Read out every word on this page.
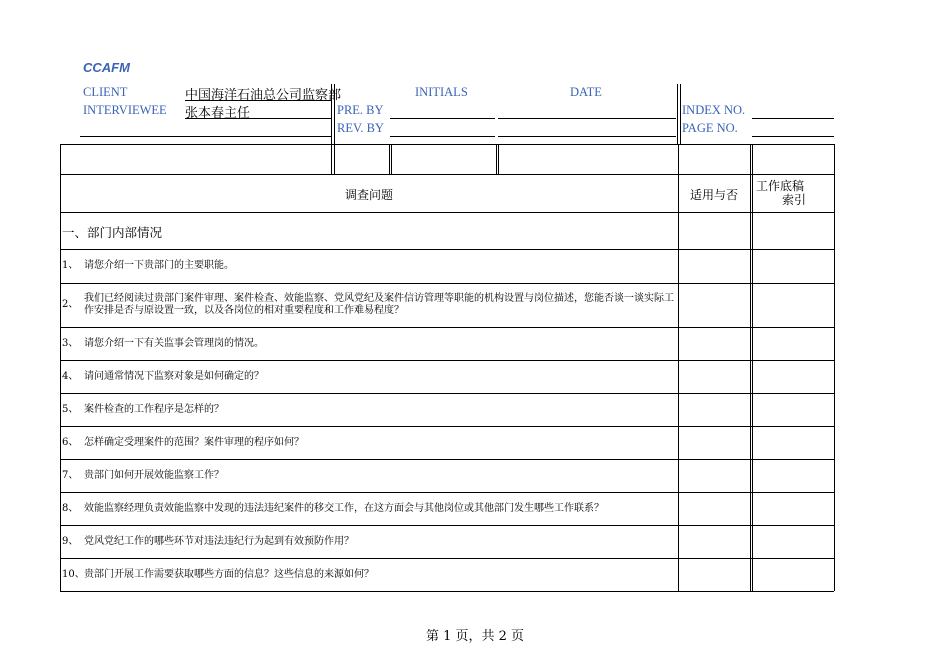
CCAFM
CLIENT	中国海洋石油总公司监察部	INITIALS	DATE
INTERVIEWEE 张本春主任	PRE. BY
REV. BY
INDEX NO.
PAGE NO.
调查问题	适用与否
工作底稿
索引
一、部门内部情况
1、 请您介绍一下贵部门的主要职能。
2、
我们已经阅读过贵部门案件审理、案件检查、效能监察、党风党纪及案件信访管理等职能的机构设置与岗位描述，您能否谈一谈实际工作安排是否与原设置一致，以及各岗位的相对重要程度和工作难易程度？
3、 请您介绍一下有关监事会管理岗的情况。
4、 请问通常情况下监察对象是如何确定的？
5、 案件检查的工作程序是怎样的？
6、 怎样确定受理案件的范围？案件审理的程序如何？
7、 贵部门如何开展效能监察工作？
8、 效能监察经理负责效能监察中发现的违法违纪案件的移交工作，在这方面会与其他岗位或其他部门发生哪些工作联系？
9、 党风党纪工作的哪些环节对违法违纪行为起到有效预防作用？
10、 贵部门开展工作需要获取哪些方面的信息？这些信息的来源如何？
第 1 页，共 2 页
